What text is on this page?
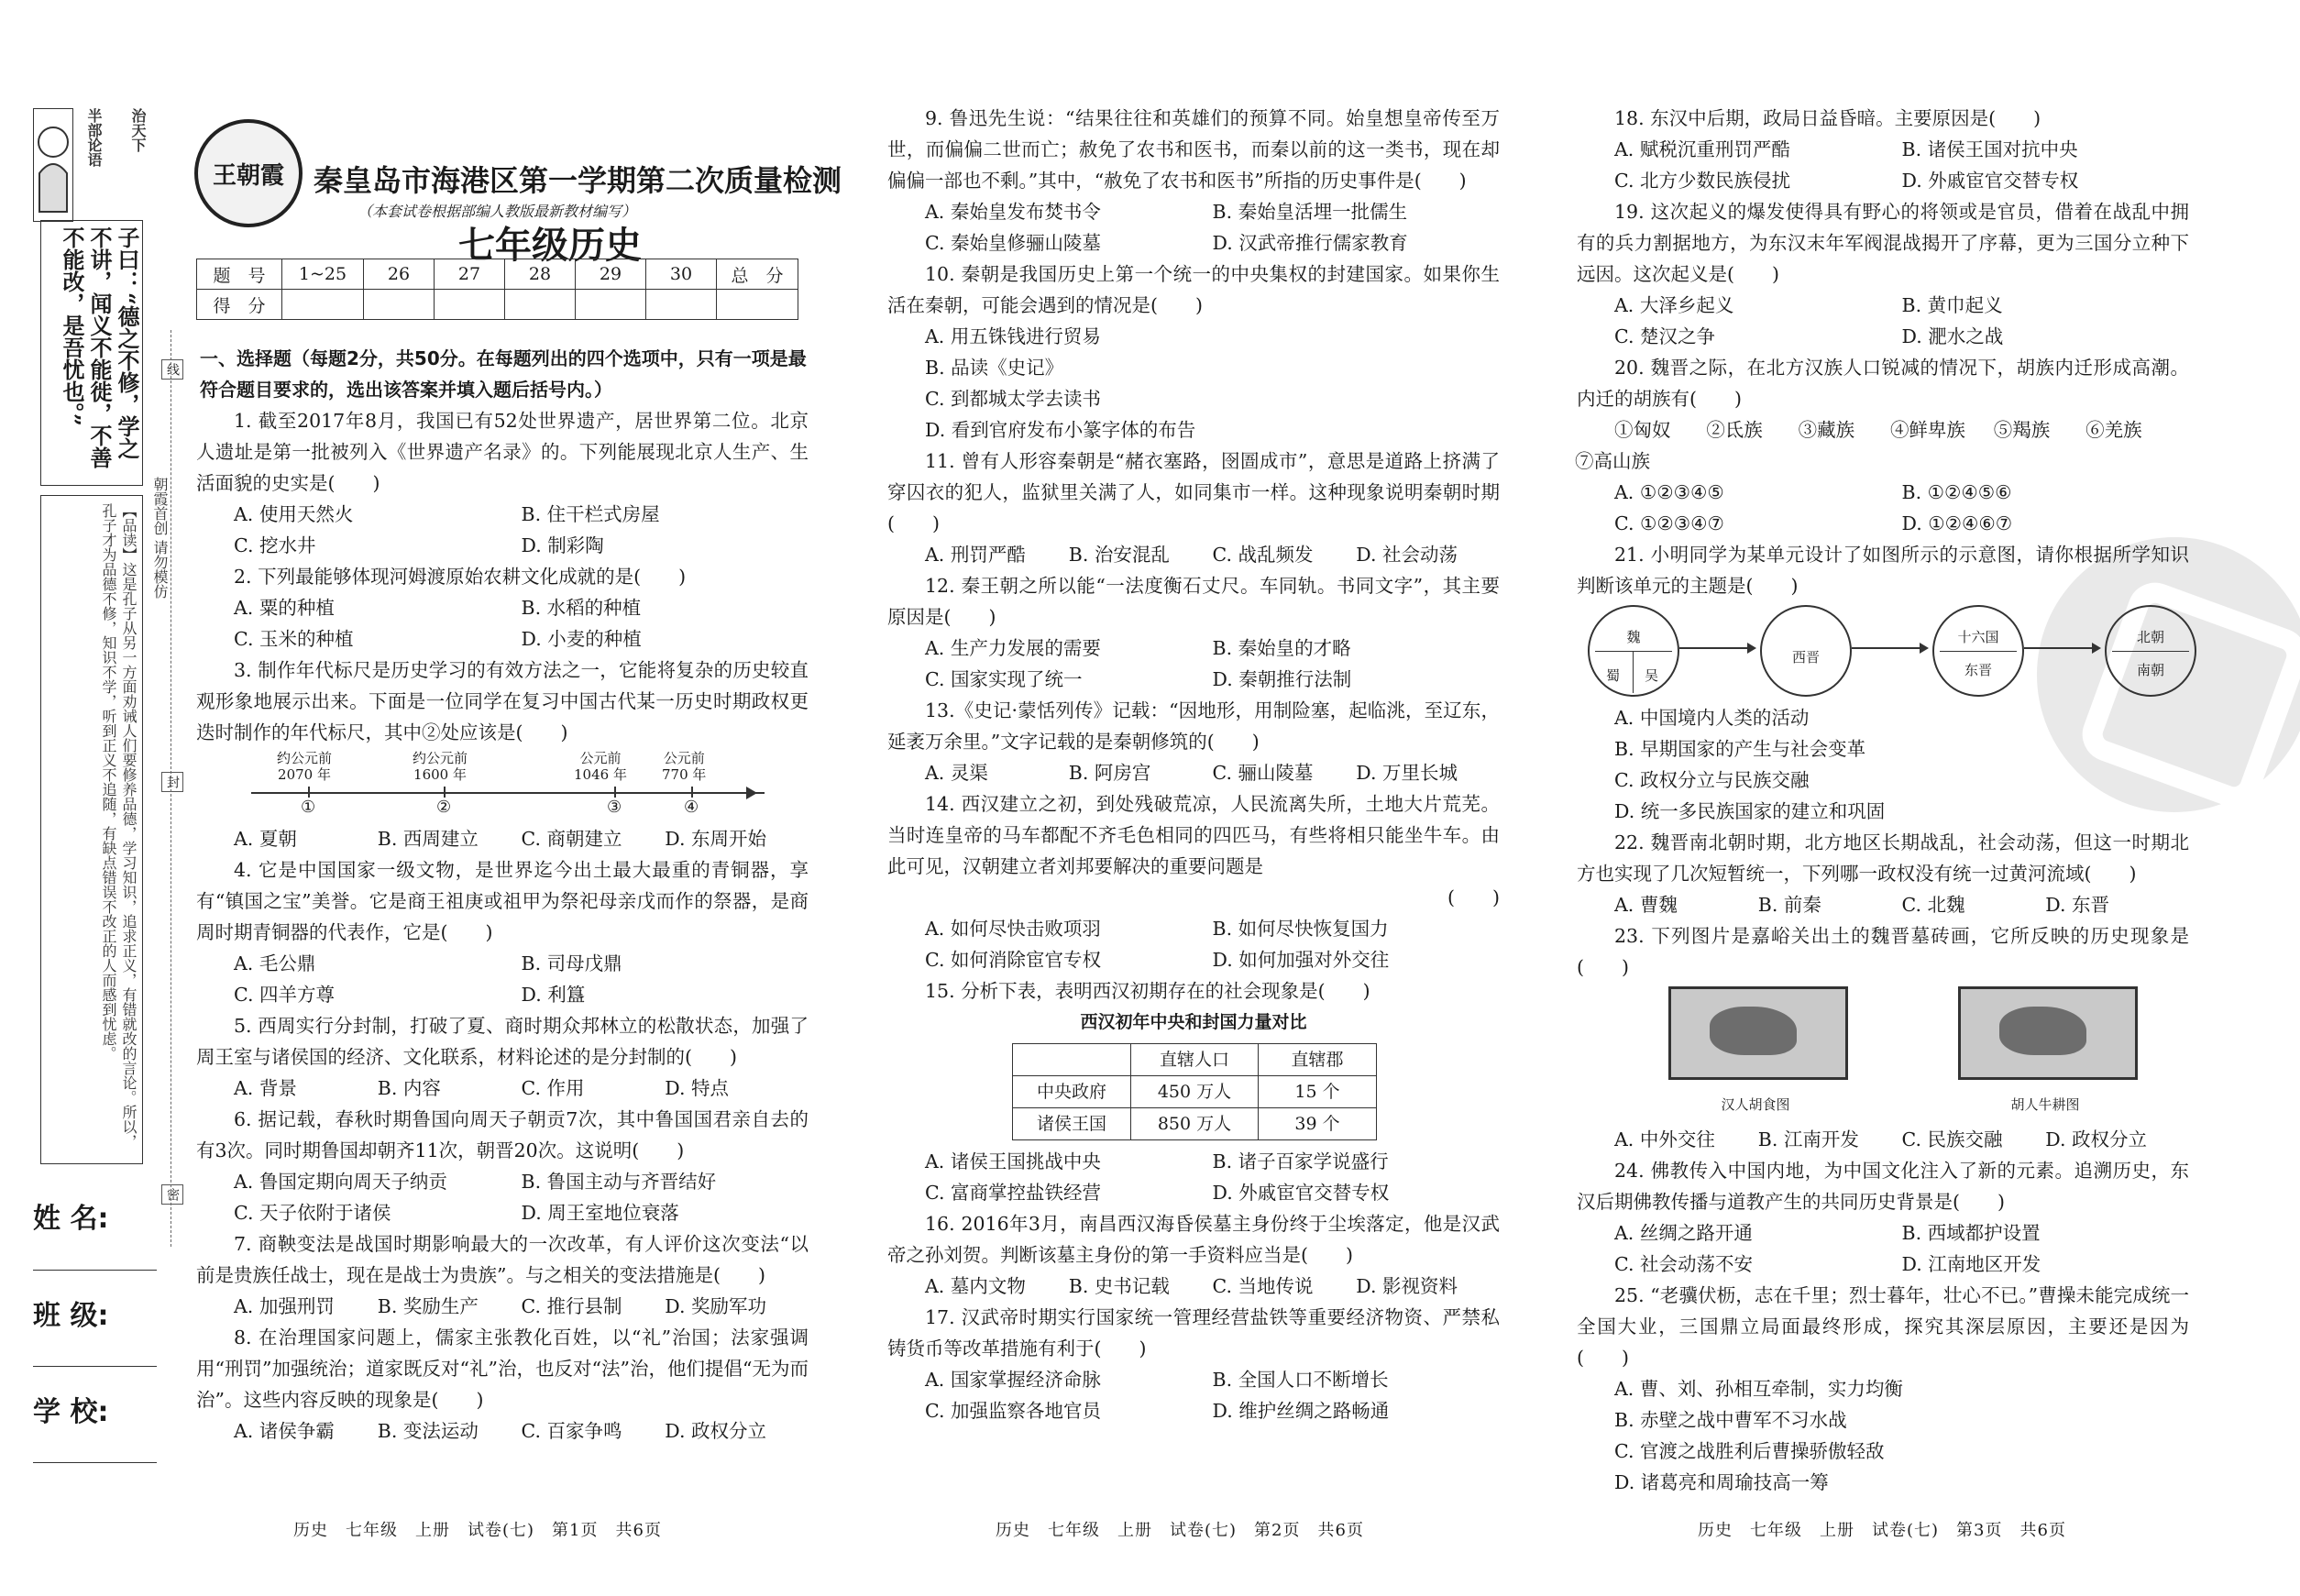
半部论语 治天下
子曰：“德之不修，学之不讲，闻义不能徙，不善不能改，是吾忧也。”
【品读】这是孔子从另一方面劝诫人们要修养品德，学习知识，追求正义，有错就改的言论。所以，孔子才为品德不修，知识不学，听到正义不追随，有缺点错误不改正的人而感到忧虑。	朝霞首创 请勿模仿
线
封
密
姓 名:
班 级:
学 校:
王朝霞 秦皇岛市海港区第一学期第二次质量检测
（本套试卷根据部编人教版最新教材编写）
七年级历史
题　号	1~25	26	27	28	29	30	总　分
得　分							

一、选择题（每题2分，共50分。在每题列出的四个选项中，只有一项是最符合题目要求的，选出该答案并填入题后括号内。）

1. 截至2017年8月，我国已有52处世界遗产，居世界第二位。北京人遗址是第一批被列入《世界遗产名录》的。下列能展现北京人生产、生活面貌的史实是(　　)

A. 使用天然火	B. 住干栏式房屋
C. 挖水井	D. 制彩陶

2. 下列最能够体现河姆渡原始农耕文化成就的是(　　)

A. 粟的种植	B. 水稻的种植
C. 玉米的种植	D. 小麦的种植

3. 制作年代标尺是历史学习的有效方法之一，它能将复杂的历史较直观形象地展示出来。下面是一位同学在复习中国古代某一历史时期政权更迭时制作的年代标尺，其中②处应该是(　　)

约公元前
2070 年
约公元前
1600 年
公元前
1046 年
公元前
770 年
①	②	③	④
A. 夏朝	B. 西周建立	C. 商朝建立	D. 东周开始

4. 它是中国国家一级文物，是世界迄今出土最大最重的青铜器，享有“镇国之宝”美誉。它是商王祖庚或祖甲为祭祀母亲戊而作的祭器，是商周时期青铜器的代表作，它是(　　)

A. 毛公鼎	B. 司母戊鼎
C. 四羊方尊	D. 利簋

5. 西周实行分封制，打破了夏、商时期众邦林立的松散状态，加强了周王室与诸侯国的经济、文化联系，材料论述的是分封制的(　　)

A. 背景	B. 内容	C. 作用	D. 特点

6. 据记载，春秋时期鲁国向周天子朝贡7次，其中鲁国国君亲自去的有3次。同时期鲁国却朝齐11次，朝晋20次。这说明(　　)

A. 鲁国定期向周天子纳贡	B. 鲁国主动与齐晋结好
C. 天子依附于诸侯	D. 周王室地位衰落

7. 商鞅变法是战国时期影响最大的一次改革，有人评价这次变法“以前是贵族任战士，现在是战士为贵族”。与之相关的变法措施是(　　)

A. 加强刑罚	B. 奖励生产	C. 推行县制	D. 奖励军功

8. 在治理国家问题上，儒家主张教化百姓，以“礼”治国；法家强调用“刑罚”加强统治；道家既反对“礼”治，也反对“法”治，他们提倡“无为而治”。这些内容反映的现象是(　　)

A. 诸侯争霸	B. 变法运动	C. 百家争鸣	D. 政权分立
历史　七年级　上册　试卷(七)　第1页　共6页

9. 鲁迅先生说：“结果往往和英雄们的预算不同。始皇想皇帝传至万世，而偏偏二世而亡；赦免了农书和医书，而秦以前的这一类书，现在却偏偏一部也不剩。”其中，“赦免了农书和医书”所指的历史事件是(　　)

A. 秦始皇发布焚书令	B. 秦始皇活埋一批儒生
C. 秦始皇修骊山陵墓	D. 汉武帝推行儒家教育

10. 秦朝是我国历史上第一个统一的中央集权的封建国家。如果你生活在秦朝，可能会遇到的情况是(　　)

A. 用五铢钱进行贸易
B. 品读《史记》
C. 到都城太学去读书
D. 看到官府发布小篆字体的布告

11. 曾有人形容秦朝是“赭衣塞路，囹圄成市”，意思是道路上挤满了穿囚衣的犯人，监狱里关满了人，如同集市一样。这种现象说明秦朝时期(　　)

A. 刑罚严酷	B. 治安混乱	C. 战乱频发	D. 社会动荡

12. 秦王朝之所以能“一法度衡石丈尺。车同轨。书同文字”，其主要原因是(　　)

A. 生产力发展的需要	B. 秦始皇的才略
C. 国家实现了统一	D. 秦朝推行法制

13.《史记·蒙恬列传》记载：“因地形，用制险塞，起临洮，至辽东，延袤万余里。”文字记载的是秦朝修筑的(　　)

A. 灵渠	B. 阿房宫	C. 骊山陵墓	D. 万里长城

14. 西汉建立之初，到处残破荒凉，人民流离失所，土地大片荒芜。当时连皇帝的马车都配不齐毛色相同的四匹马，有些将相只能坐牛车。由此可见，汉朝建立者刘邦要解决的重要问题是

(　　)

A. 如何尽快击败项羽	B. 如何尽快恢复国力
C. 如何消除宦官专权	D. 如何加强对外交往

15. 分析下表，表明西汉初期存在的社会现象是(　　)

西汉初年中央和封国力量对比
	直辖人口	直辖郡
中央政府	450 万人	15 个
诸侯王国	850 万人	39 个
A. 诸侯王国挑战中央	B. 诸子百家学说盛行
C. 富商掌控盐铁经营	D. 外戚宦官交替专权

16. 2016年3月，南昌西汉海昏侯墓主身份终于尘埃落定，他是汉武帝之孙刘贺。判断该墓主身份的第一手资料应当是(　　)

A. 墓内文物	B. 史书记载	C. 当地传说	D. 影视资料

17. 汉武帝时期实行国家统一管理经营盐铁等重要经济物资、严禁私铸货币等改革措施有利于(　　)

A. 国家掌握经济命脉	B. 全国人口不断增长
C. 加强监察各地官员	D. 维护丝绸之路畅通
历史　七年级　上册　试卷(七)　第2页　共6页

18. 东汉中后期，政局日益昏暗。主要原因是(　　)

A. 赋税沉重刑罚严酷	B. 诸侯王国对抗中央
C. 北方少数民族侵扰	D. 外戚宦官交替专权

19. 这次起义的爆发使得具有野心的将领或是官员，借着在战乱中拥有的兵力割据地方，为东汉末年军阀混战揭开了序幕，更为三国分立种下远因。这次起义是(　　)

A. 大泽乡起义	B. 黄巾起义
C. 楚汉之争	D. 淝水之战

20. 魏晋之际，在北方汉族人口锐减的情况下，胡族内迁形成高潮。内迁的胡族有(　　)

①匈奴	②氐族	③藏族	④鲜卑族	⑤羯族	⑥羌族

⑦高山族

A. ①②③④⑤	B. ①②④⑤⑥
C. ①②③④⑦	D. ①②④⑥⑦

21. 小明同学为某单元设计了如图所示的示意图，请你根据所学知识判断该单元的主题是(　　)

魏
蜀 吴
西晋
十六国
东晋
北朝
南朝
A. 中国境内人类的活动
B. 早期国家的产生与社会变革
C. 政权分立与民族交融
D. 统一多民族国家的建立和巩固

22. 魏晋南北朝时期，北方地区长期战乱，社会动荡，但这一时期北方也实现了几次短暂统一，下列哪一政权没有统一过黄河流域(　　)

A. 曹魏	B. 前秦	C. 北魏	D. 东晋

23. 下列图片是嘉峪关出土的魏晋墓砖画，它所反映的历史现象是(　　)

汉人胡食图	胡人牛耕图
A. 中外交往	B. 江南开发	C. 民族交融	D. 政权分立

24. 佛教传入中国内地，为中国文化注入了新的元素。追溯历史，东汉后期佛教传播与道教产生的共同历史背景是(　　)

A. 丝绸之路开通	B. 西域都护设置
C. 社会动荡不安	D. 江南地区开发

25. “老骥伏枥，志在千里；烈士暮年，壮心不已。”曹操未能完成统一全国大业，三国鼎立局面最终形成，探究其深层原因，主要还是因为(　　)

A. 曹、刘、孙相互牵制，实力均衡
B. 赤壁之战中曹军不习水战
C. 官渡之战胜利后曹操骄傲轻敌
D. 诸葛亮和周瑜技高一筹
历史　七年级　上册　试卷(七)　第3页　共6页
